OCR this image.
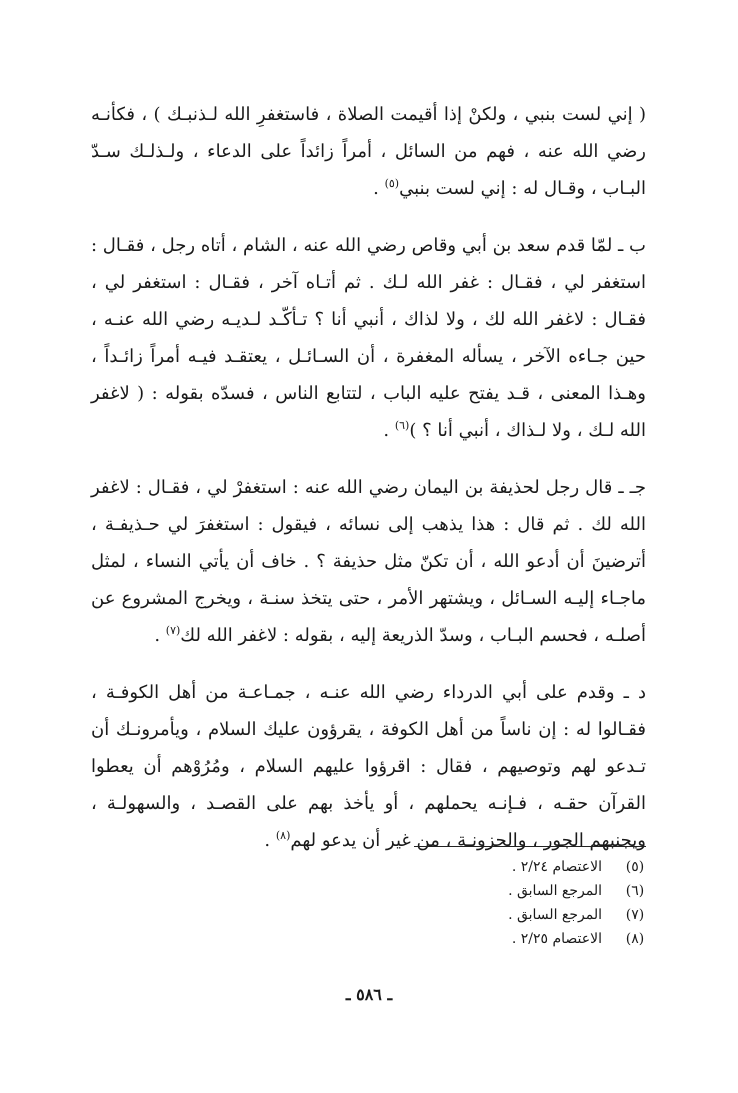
( إني لست بنبي ، ولكنْ إذا أقيمت الصلاة ، فاستغفرِ الله لـذنبـك ) ، فكأنـه رضي الله عنه ، فهم من السائل ، أمراً زائداً على الدعاء ، ولـذلـك سـدّ البـاب ، وقـال له : إني لست بنبي$^{(٥)}$ .

ب ـ لمّا قدم سعد بن أبي وقاص رضي الله عنه ، الشام ، أتاه رجل ، فقـال : استغفر لي ، فقـال : غفر الله لـك . ثم أتـاه آخر ، فقـال : استغفر لي ، فقـال : لاغفر الله لك ، ولا لذاك ، أنبي أنا ؟ تـأكّـد لـديـه رضي الله عنـه ، حين جـاءه الآخر ، يسأله المغفرة ، أن السـائـل ، يعتقـد فيـه أمراً زائـداً ، وهـذا المعنى ، قـد يفتح عليه الباب ، لتتابع الناس ، فسدّه بقوله : ( لاغفر الله لـك ، ولا لـذاك ، أنبي أنا ؟ )$^{(٦)}$ .

جـ ـ قال رجل لحذيفة بن اليمان رضي الله عنه : استغفرْ لي ، فقـال : لاغفر الله لك . ثم قال : هذا يذهب إلى نسائه ، فيقول : استغفرَ لي حـذيفـة ، أترضينَ أن أدعو الله ، أن تكنّ مثل حذيفة ؟ . خاف أن يأتي النساء ، لمثل ماجـاء إليـه السـائل ، ويشتهر الأمر ، حتى يتخذ سنـة ، ويخرج المشروع عن أصلـه ، فحسم البـاب ، وسدّ الذريعة إليه ، بقوله : لاغفر الله لك$^{(٧)}$ .

د ـ وقدم على أبي الدرداء رضي الله عنـه ، جمـاعـة من أهل الكوفـة ، فقـالوا له : إن ناساً من أهل الكوفة ، يقرؤون عليك السلام ، ويأمرونـك أن تـدعو لهم وتوصيهم ، فقال : اقرؤوا عليهم السلام ، ومُرُوْهم أن يعطوا القرآن حقـه ، فـإنـه يحملهم ، أو يأخذ بهم على القصـد ، والسهولـة ، ويجنبهم الجور ، والحزونـة ، من غير أن يدعو لهم$^{(٨)}$ .

(٥)
الاعتصام ٢/٢٤ .
(٦)
المرجع السابق .
(٧)
المرجع السابق .
(٨)
الاعتصام ٢/٢٥ .
ـ ٥٨٦ ـ
